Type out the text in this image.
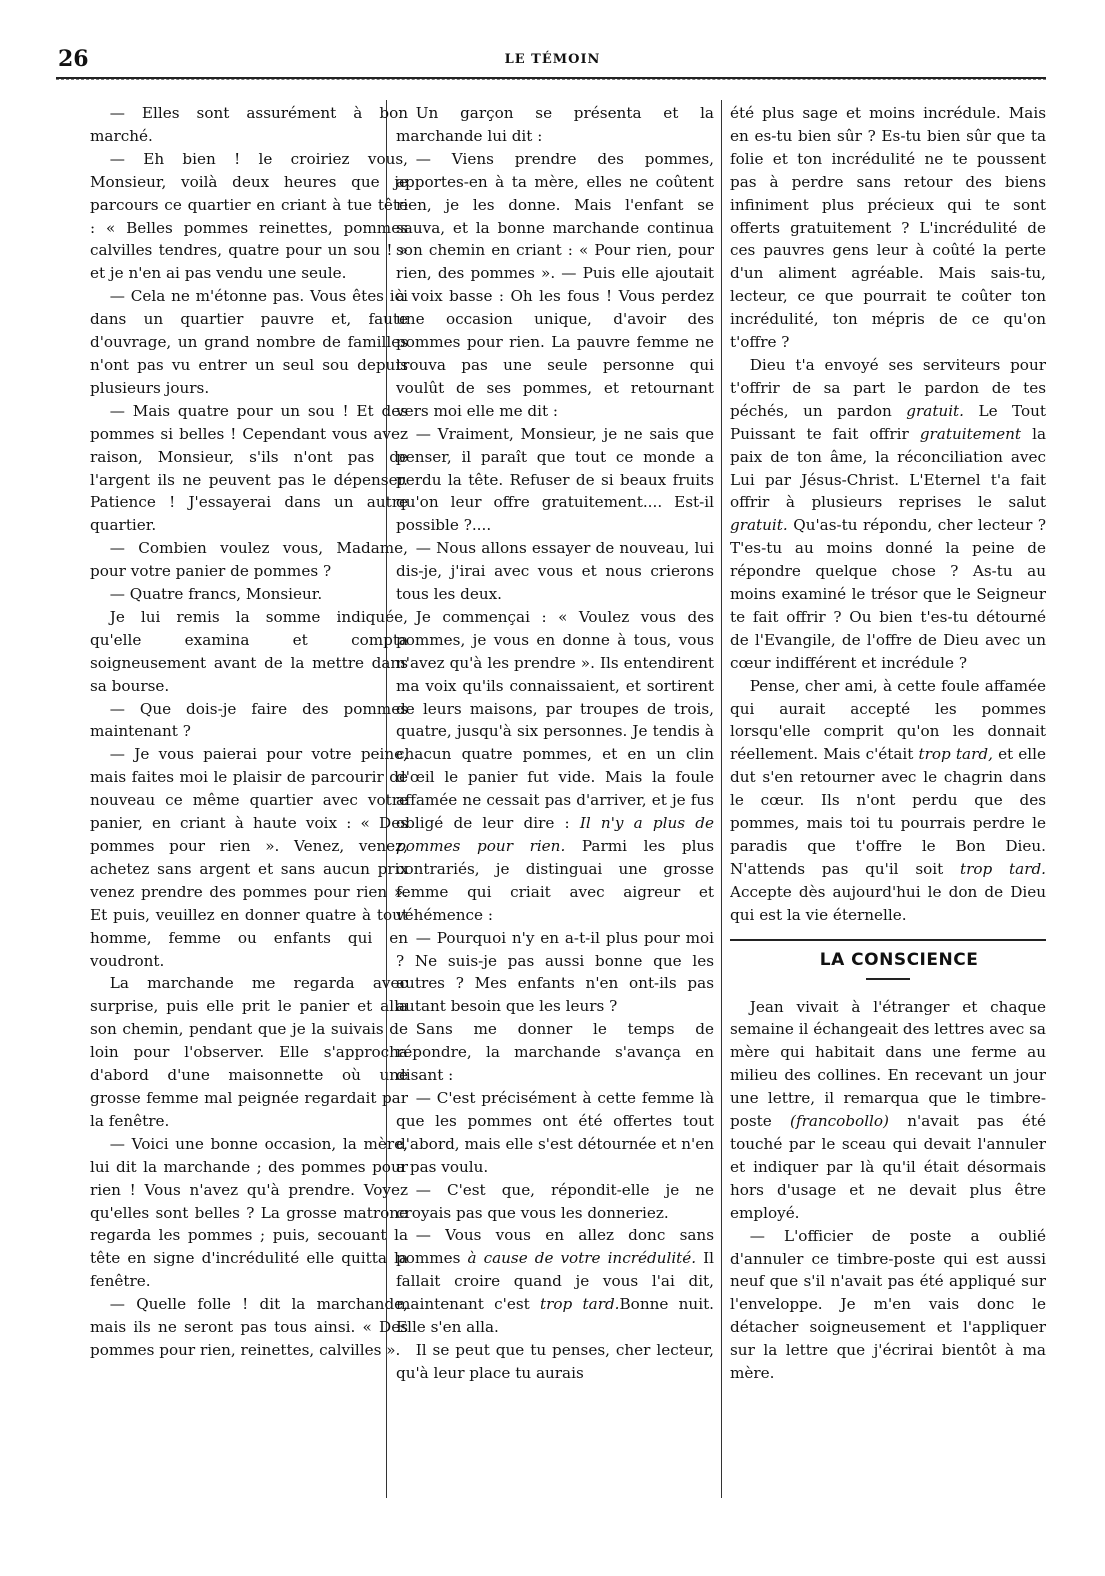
26	LE TÉMOIN

— Elles sont assurément à bon marché.

— Eh bien ! le croiriez vous, Monsieur, voilà deux heures que je parcours ce quartier en criant à tue tête : « Belles pommes reinettes, pommes calvilles tendres, quatre pour un sou ! » et je n'en ai pas vendu une seule.

— Cela ne m'étonne pas. Vous êtes ici dans un quartier pauvre et, faute d'ouvrage, un grand nombre de familles n'ont pas vu entrer un seul sou depuis plusieurs jours.

— Mais quatre pour un sou ! Et des pommes si belles ! Cependant vous avez raison, Monsieur, s'ils n'ont pas de l'argent ils ne peuvent pas le dépenser. Patience ! J'essayerai dans un autre quartier.

— Combien voulez vous, Madame, pour votre panier de pommes ?

— Quatre francs, Monsieur.

Je lui remis la somme indiquée, qu'elle examina et compta soigneusement avant de la mettre dans sa bourse.

— Que dois-je faire des pommes maintenant ?

— Je vous paierai pour votre peine, mais faites moi le plaisir de parcourir de nouveau ce même quartier avec votre panier, en criant à haute voix : « Des pommes pour rien ». Venez, venez, achetez sans argent et sans aucun prix venez prendre des pommes pour rien ». Et puis, veuillez en donner quatre à tout homme, femme ou enfants qui en voudront.

La marchande me regarda avec surprise, puis elle prit le panier et alla son chemin, pendant que je la suivais de loin pour l'observer. Elle s'approcha d'abord d'une maisonnette où une grosse femme mal peignée regardait par la fenêtre.

— Voici une bonne occasion, la mère, lui dit la marchande ; des pommes pour rien ! Vous n'avez qu'à prendre. Voyez qu'elles sont belles ? La grosse matrone regarda les pommes ; puis, secouant la tête en signe d'incrédulité elle quitta la fenêtre.

— Quelle folle ! dit la marchande, mais ils ne seront pas tous ainsi. « Des pommes pour rien, reinettes, calvilles ».

Un garçon se présenta et la marchande lui dit :

— Viens prendre des pommes, apportes-en à ta mère, elles ne coûtent rien, je les donne. Mais l'enfant se sauva, et la bonne marchande continua son chemin en criant : « Pour rien, pour rien, des pommes ». — Puis elle ajoutait à voix basse : Oh les fous ! Vous perdez une occasion unique, d'avoir des pommes pour rien. La pauvre femme ne trouva pas une seule personne qui voulût de ses pommes, et retournant vers moi elle me dit :

— Vraiment, Monsieur, je ne sais que penser, il paraît que tout ce monde a perdu la tête. Refuser de si beaux fruits qu'on leur offre gratuitement.... Est-il possible ?....

— Nous allons essayer de nouveau, lui dis-je, j'irai avec vous et nous crierons tous les deux.

Je commençai : « Voulez vous des pommes, je vous en donne à tous, vous n'avez qu'à les prendre ». Ils entendirent ma voix qu'ils connaissaient, et sortirent de leurs maisons, par troupes de trois, quatre, jusqu'à six personnes. Je tendis à chacun quatre pommes, et en un clin d'œil le panier fut vide. Mais la foule affamée ne cessait pas d'arriver, et je fus obligé de leur dire : Il n'y a plus de pommes pour rien. Parmi les plus contrariés, je distinguai une grosse femme qui criait avec aigreur et véhémence :

— Pourquoi n'y en a-t-il plus pour moi ? Ne suis-je pas aussi bonne que les autres ? Mes enfants n'en ont-ils pas autant besoin que les leurs ?

Sans me donner le temps de répondre, la marchande s'avança en disant :

— C'est précisément à cette femme là que les pommes ont été offertes tout d'abord, mais elle s'est détournée et n'en a pas voulu.

— C'est que, répondit-elle je ne croyais pas que vous les donneriez.

— Vous vous en allez donc sans pommes à cause de votre incrédulité. Il fallait croire quand je vous l'ai dit, maintenant c'est trop tard.Bonne nuit. Elle s'en alla.

Il se peut que tu penses, cher lecteur, qu'à leur place tu aurais

été plus sage et moins incrédule. Mais en es-tu bien sûr ? Es-tu bien sûr que ta folie et ton incrédulité ne te poussent pas à perdre sans retour des biens infiniment plus précieux qui te sont offerts gratuitement ? L'incrédulité de ces pauvres gens leur à coûté la perte d'un aliment agréable. Mais sais-tu, lecteur, ce que pourrait te coûter ton incrédulité, ton mépris de ce qu'on t'offre ?

Dieu t'a envoyé ses serviteurs pour t'offrir de sa part le pardon de tes péchés, un pardon gratuit. Le Tout Puissant te fait offrir gratuitement la paix de ton âme, la réconciliation avec Lui par Jésus-Christ. L'Eternel t'a fait offrir à plusieurs reprises le salut gratuit. Qu'as-tu répondu, cher lecteur ? T'es-tu au moins donné la peine de répondre quelque chose ? As-tu au moins examiné le trésor que le Seigneur te fait offrir ? Ou bien t'es-tu détourné de l'Evangile, de l'offre de Dieu avec un cœur indifférent et incrédule ?

Pense, cher ami, à cette foule affamée qui aurait accepté les pommes lorsqu'elle comprit qu'on les donnait réellement. Mais c'était trop tard, et elle dut s'en retourner avec le chagrin dans le cœur. Ils n'ont perdu que des pommes, mais toi tu pourrais perdre le paradis que t'offre le Bon Dieu. N'attends pas qu'il soit trop tard. Accepte dès aujourd'hui le don de Dieu qui est la vie éternelle.

LA CONSCIENCE

Jean vivait à l'étranger et chaque semaine il échangeait des lettres avec sa mère qui habitait dans une ferme au milieu des collines. En recevant un jour une lettre, il remarqua que le timbre-poste (francobollo) n'avait pas été touché par le sceau qui devait l'annuler et indiquer par là qu'il était désormais hors d'usage et ne devait plus être employé.

— L'officier de poste a oublié d'annuler ce timbre-poste qui est aussi neuf que s'il n'avait pas été appliqué sur l'enveloppe. Je m'en vais donc le détacher soigneusement et l'appliquer sur la lettre que j'écrirai bientôt à ma mère.
